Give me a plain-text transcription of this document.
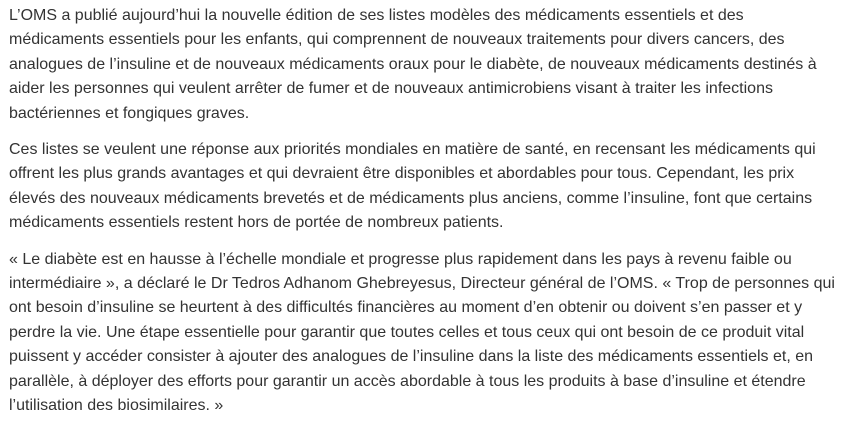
L’OMS a publié aujourd’hui la nouvelle édition de ses listes modèles des médicaments essentiels et des
médicaments essentiels pour les enfants, qui comprennent de nouveaux traitements pour divers cancers, des
analogues de l’insuline et de nouveaux médicaments oraux pour le diabète, de nouveaux médicaments destinés à
aider les personnes qui veulent arrêter de fumer et de nouveaux antimicrobiens visant à traiter les infections
bactériennes et fongiques graves.

Ces listes se veulent une réponse aux priorités mondiales en matière de santé, en recensant les médicaments qui
offrent les plus grands avantages et qui devraient être disponibles et abordables pour tous. Cependant, les prix
élevés des nouveaux médicaments brevetés et de médicaments plus anciens, comme l’insuline, font que certains
médicaments essentiels restent hors de portée de nombreux patients.

« Le diabète est en hausse à l’échelle mondiale et progresse plus rapidement dans les pays à revenu faible ou
intermédiaire », a déclaré le Dr Tedros Adhanom Ghebreyesus, Directeur général de l’OMS. « Trop de personnes qui
ont besoin d’insuline se heurtent à des difficultés financières au moment d’en obtenir ou doivent s’en passer et y
perdre la vie. Une étape essentielle pour garantir que toutes celles et tous ceux qui ont besoin de ce produit vital
puissent y accéder consister à ajouter des analogues de l’insuline dans la liste des médicaments essentiels et, en
parallèle, à déployer des efforts pour garantir un accès abordable à tous les produits à base d’insuline et étendre
l’utilisation des biosimilaires. »
